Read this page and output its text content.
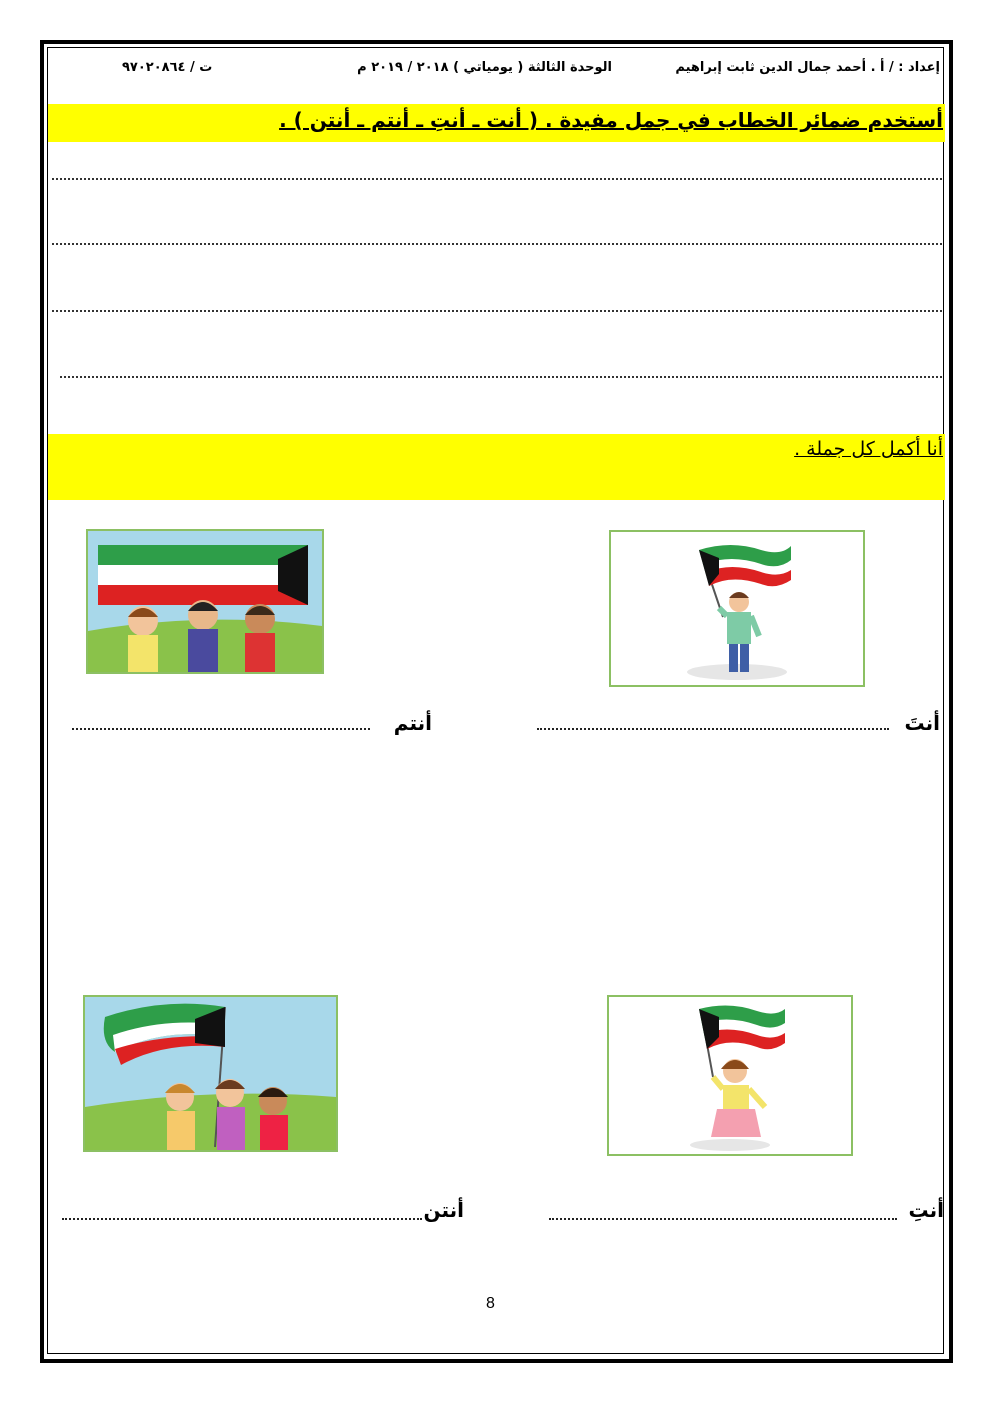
إعداد : / أ . أحمد جمال الدين ثابت إبراهيم
الوحدة الثالثة ( يومياتي ) ٢٠١٨ / ٢٠١٩ م
ت / ٩٧٠٢٠٨٦٤
أستخدم ضمائر الخطاب في جمل مفيدة . ( أنت ـ أنتِ ـ أنتم ـ أنتن ) .
أنا أكمل كل جملة .
أنتَ
أنتم
أنتِ
أنتن
8
